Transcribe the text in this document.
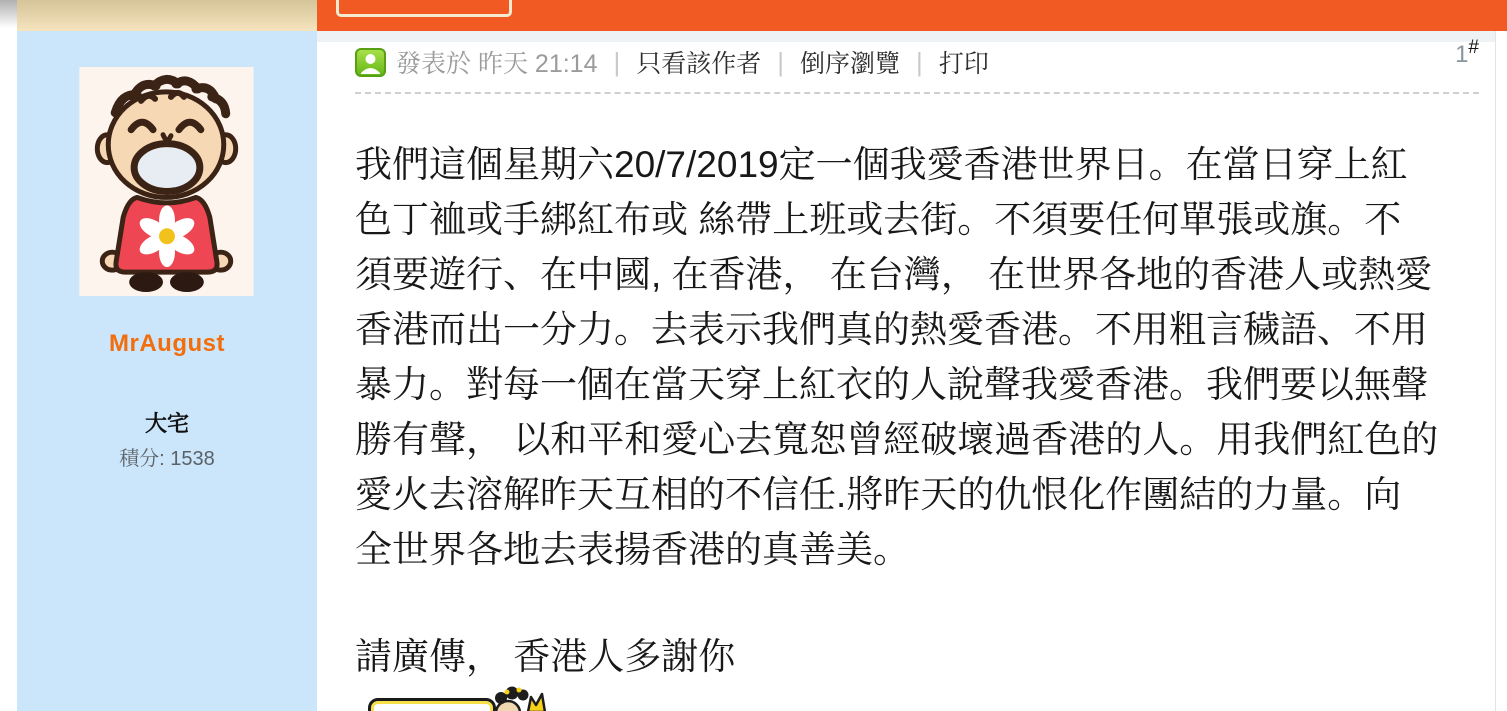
MrAugust
大宅
積分: 1538
發表於 昨天 21:14 | 只看該作者 | 倒序瀏覽 | 打印	1#
我們這個星期六20/7/2019定一個我愛香港世界日。在當日穿上紅
色丁裇或手綁紅布或 絲帶上班或去街。不須要任何單張或旗。不
須要遊行、在中國, 在香港， 在台灣， 在世界各地的香港人或熱愛
香港而出一分力。去表示我們真的熱愛香港。不用粗言穢語、不用
暴力。對每一個在當天穿上紅衣的人說聲我愛香港。我們要以無聲
勝有聲， 以和平和愛心去寬恕曾經破壞過香港的人。用我們紅色的
愛火去溶解昨天互相的不信任.將昨天的仇恨化作團結的力量。向
全世界各地去表揚香港的真善美。
請廣傳， 香港人多謝你
